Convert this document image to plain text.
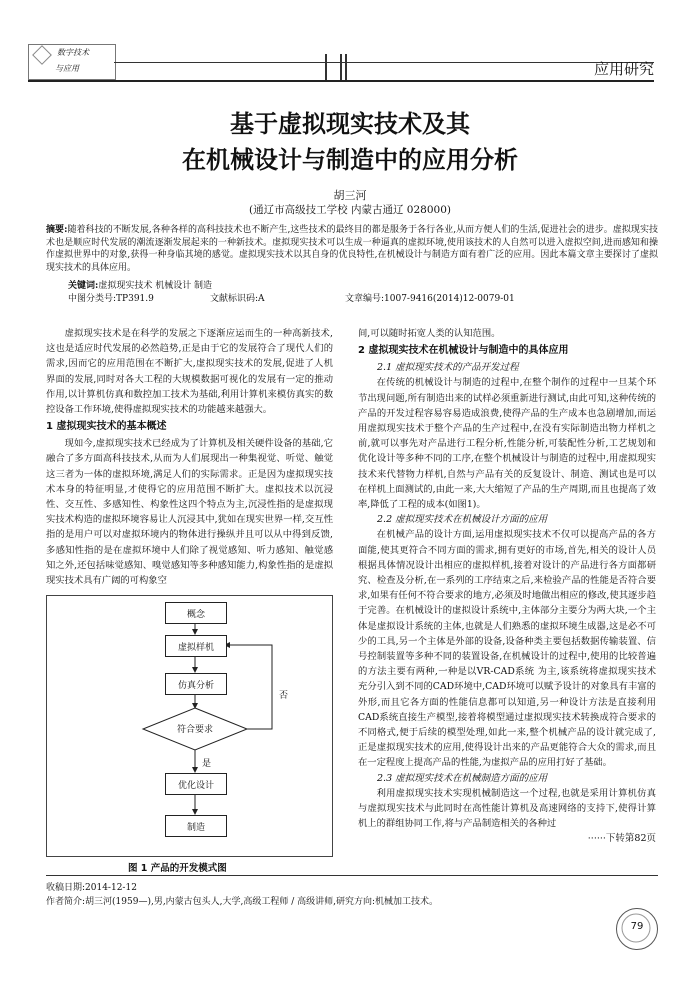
数字技术
与应用	应用研究
基于虚拟现实技术及其
在机械设计与制造中的应用分析
胡三河
(通辽市高级技工学校 内蒙古通辽 028000)
摘要:随着科技的不断发展,各种各样的高科技技术也不断产生,这些技术的最终目的都是服务于各行各业,从而方便人们的生活,促进社会的进步。虚拟现实技术也是顺应时代发展的潮流逐渐发展起来的一种新技术。虚拟现实技术可以生成一种逼真的虚拟环境,使用该技术的人自然可以进入虚拟空间,进而感知和操作虚拟世界中的对象,获得一种身临其境的感觉。虚拟现实技术以其自身的优良特性,在机械设计与制造方面有着广泛的应用。因此本篇文章主要探讨了虚拟现实技术的具体应用。
关键词:虚拟现实技术 机械设计 制造
中图分类号:TP391.9	文献标识码:A	文章编号:1007-9416(2014)12-0079-01

虚拟现实技术是在科学的发展之下逐渐应运而生的一种高新技术,这也是适应时代发展的必然趋势,正是由于它的发展符合了现代人们的需求,因而它的应用范围在不断扩大,虚拟现实技术的发展,促进了人机界面的发展,同时对各大工程的大规模数据可视化的发展有一定的推动作用,以计算机仿真和数控加工技术为基础,利用计算机来模仿真实的数控设备工作环境,使得虚拟现实技术的功能越来越强大。

1 虚拟现实技术的基本概述

现如今,虚拟现实技术已经成为了计算机及相关硬件设备的基础,它融合了多方面高科技技术,从而为人们展现出一种集视觉、听觉、触觉这三者为一体的虚拟环境,满足人们的实际需求。正是因为虚拟现实技术本身的特征明显,才使得它的应用范围不断扩大。虚拟技术以沉浸性、交互性、多感知性、构象性这四个特点为主,沉浸性指的是虚拟现实技术构造的虚拟环境容易让人沉浸其中,犹如在现实世界一样,交互性指的是用户可以对虚拟环境内的物体进行操纵并且可以从中得到反馈,多感知性指的是在虚拟环境中人们除了视觉感知、听力感知、触觉感知之外,还包括味觉感知、嗅觉感知等多种感知能力,构象性指的是虚拟现实技术具有广阔的可构象空

概念
虚拟样机
仿真分析
符合要求
否
是
优化设计
制造
图 1 产品的开发模式图
间,可以随时拓宽人类的认知范围。
2 虚拟现实技术在机械设计与制造中的具体应用
2.1 虚拟现实技术的产品开发过程

在传统的机械设计与制造的过程中,在整个制作的过程中一旦某个环节出现问题,所有制造出来的试样必须重新进行测试,由此可知,这种传统的产品的开发过程容易容易造成浪费,使得产品的生产成本也急剧增加,而运用虚拟现实技术于整个产品的生产过程中,在没有实际制造出物力样机之前,就可以事先对产品进行工程分析,性能分析,可装配性分析,工艺规划和优化设计等多种不同的工序,在整个机械设计与制造的过程中,用虚拟现实技术来代替物力样机,自然与产品有关的反复设计、制造、测试也是可以在样机上面测试的,由此一来,大大缩短了产品的生产周期,而且也提高了效率,降低了工程的成本(如图1)。

2.2 虚拟现实技术在机械设计方面的应用

在机械产品的设计方面,运用虚拟现实技术不仅可以提高产品的各方面能,使其更符合不同方面的需求,拥有更好的市场,首先,相关的设计人员根据具体情况设计出相应的虚拟样机,接着对设计的产品进行各方面都研究、检查及分析,在一系列的工序结束之后,来检验产品的性能是否符合要求,如果有任何不符合要求的地方,必须及时地做出相应的修改,使其逐步趋于完善。在机械设计的虚拟设计系统中,主体部分主要分为两大块,一个主体是虚拟设计系统的主体,也就是人们熟悉的虚拟环境生成器,这是必不可少的工具,另一个主体是外部的设备,设备种类主要包括数据传输装置、信号控制装置等多种不同的装置设备,在机械设计的过程中,使用的比较普遍的方法主要有两种,一种是以VR-CAD系统 为主,该系统将虚拟现实技术充分引入到不同的CAD环境中,CAD环境可以赋予设计的对象具有丰富的外形,而且它各方面的性能信息都可以知道,另一种设计方法是直接利用CAD系统直接生产模型,接着将模型通过虚拟现实技术转换成符合要求的不同格式,便于后续的模型处理,如此一来,整个机械产品的设计就完成了,正是虚拟现实技术的应用,使得设计出来的产品更能符合大众的需求,而且在一定程度上提高产品的性能,为虚拟产品的应用打好了基础。

2.3 虚拟现实技术在机械制造方面的应用

利用虚拟现实技术实现机械制造这一个过程,也就是采用计算机仿真与虚拟现实技术与此同时在高性能计算机及高速网络的支持下,使得计算机上的群组协同工作,将与产品制造相关的各种过

······下转第82页
收稿日期:2014-12-12
作者简介:胡三河(1959—),男,内蒙古包头人,大学,高级工程师 / 高级讲师,研究方向:机械加工技术。
79
